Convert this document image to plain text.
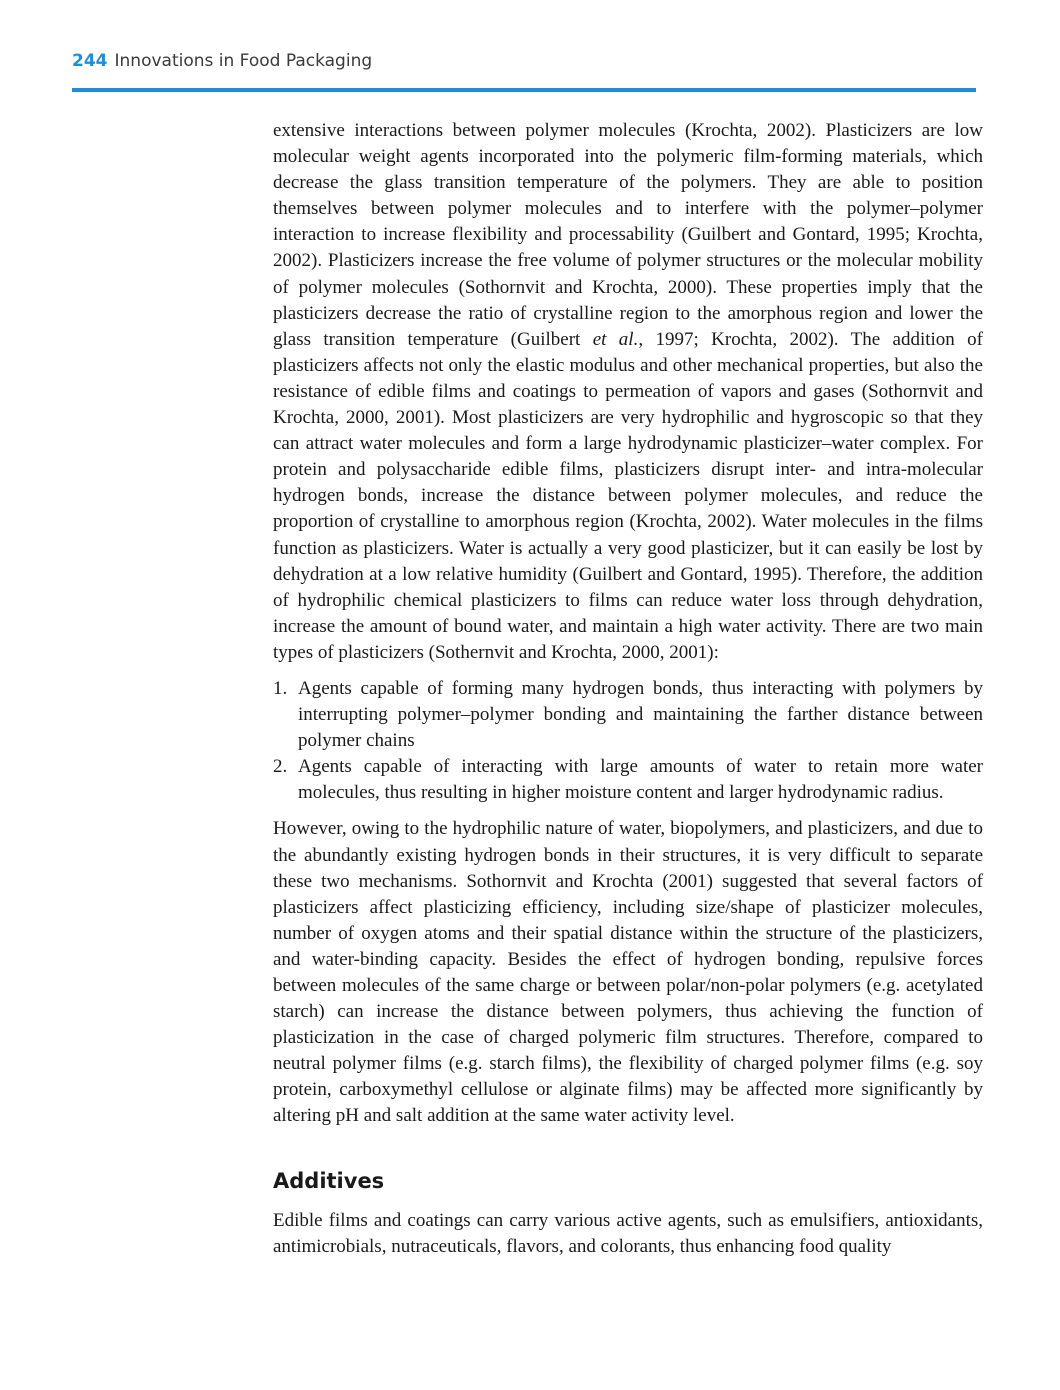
244 Innovations in Food Packaging

extensive interactions between polymer molecules (Krochta, 2002). Plasticizers are low molecular weight agents incorporated into the polymeric film-forming materials, which decrease the glass transition temperature of the polymers. They are able to position themselves between polymer molecules and to interfere with the polymer–polymer interaction to increase flexibility and processability (Guilbert and Gontard, 1995; Krochta, 2002). Plasticizers increase the free volume of polymer structures or the molecular mobility of polymer molecules (Sothornvit and Krochta, 2000). These properties imply that the plasticizers decrease the ratio of crystalline region to the amorphous region and lower the glass transition temperature (Guilbert et al., 1997; Krochta, 2002). The addition of plasticizers affects not only the elastic modulus and other mechanical properties, but also the resistance of edible films and coatings to permeation of vapors and gases (Sothornvit and Krochta, 2000, 2001). Most plasticizers are very hydrophilic and hygroscopic so that they can attract water molecules and form a large hydrodynamic plasticizer–water complex. For protein and polysaccharide edible films, plasticizers disrupt inter- and intra-molecular hydrogen bonds, increase the distance between polymer molecules, and reduce the proportion of crystalline to amorphous region (Krochta, 2002). Water molecules in the films function as plasticizers. Water is actually a very good plasticizer, but it can easily be lost by dehydration at a low relative humidity (Guilbert and Gontard, 1995). Therefore, the addition of hydrophilic chemical plasticizers to films can reduce water loss through dehydration, increase the amount of bound water, and maintain a high water activity. There are two main types of plasticizers (Sothernvit and Krochta, 2000, 2001):

1. Agents capable of forming many hydrogen bonds, thus interacting with polymers by interrupting polymer–polymer bonding and maintaining the farther distance between polymer chains
2. Agents capable of interacting with large amounts of water to retain more water molecules, thus resulting in higher moisture content and larger hydrodynamic radius.

However, owing to the hydrophilic nature of water, biopolymers, and plasticizers, and due to the abundantly existing hydrogen bonds in their structures, it is very difficult to separate these two mechanisms. Sothornvit and Krochta (2001) suggested that several factors of plasticizers affect plasticizing efficiency, including size/shape of plasticizer molecules, number of oxygen atoms and their spatial distance within the structure of the plasticizers, and water-binding capacity. Besides the effect of hydrogen bonding, repulsive forces between molecules of the same charge or between polar/non-polar polymers (e.g. acetylated starch) can increase the distance between polymers, thus achieving the function of plasticization in the case of charged polymeric film structures. Therefore, compared to neutral polymer films (e.g. starch films), the flexibility of charged polymer films (e.g. soy protein, carboxymethyl cellulose or alginate films) may be affected more significantly by altering pH and salt addition at the same water activity level.

Additives

Edible films and coatings can carry various active agents, such as emulsifiers, antioxidants, antimicrobials, nutraceuticals, flavors, and colorants, thus enhancing food quality
